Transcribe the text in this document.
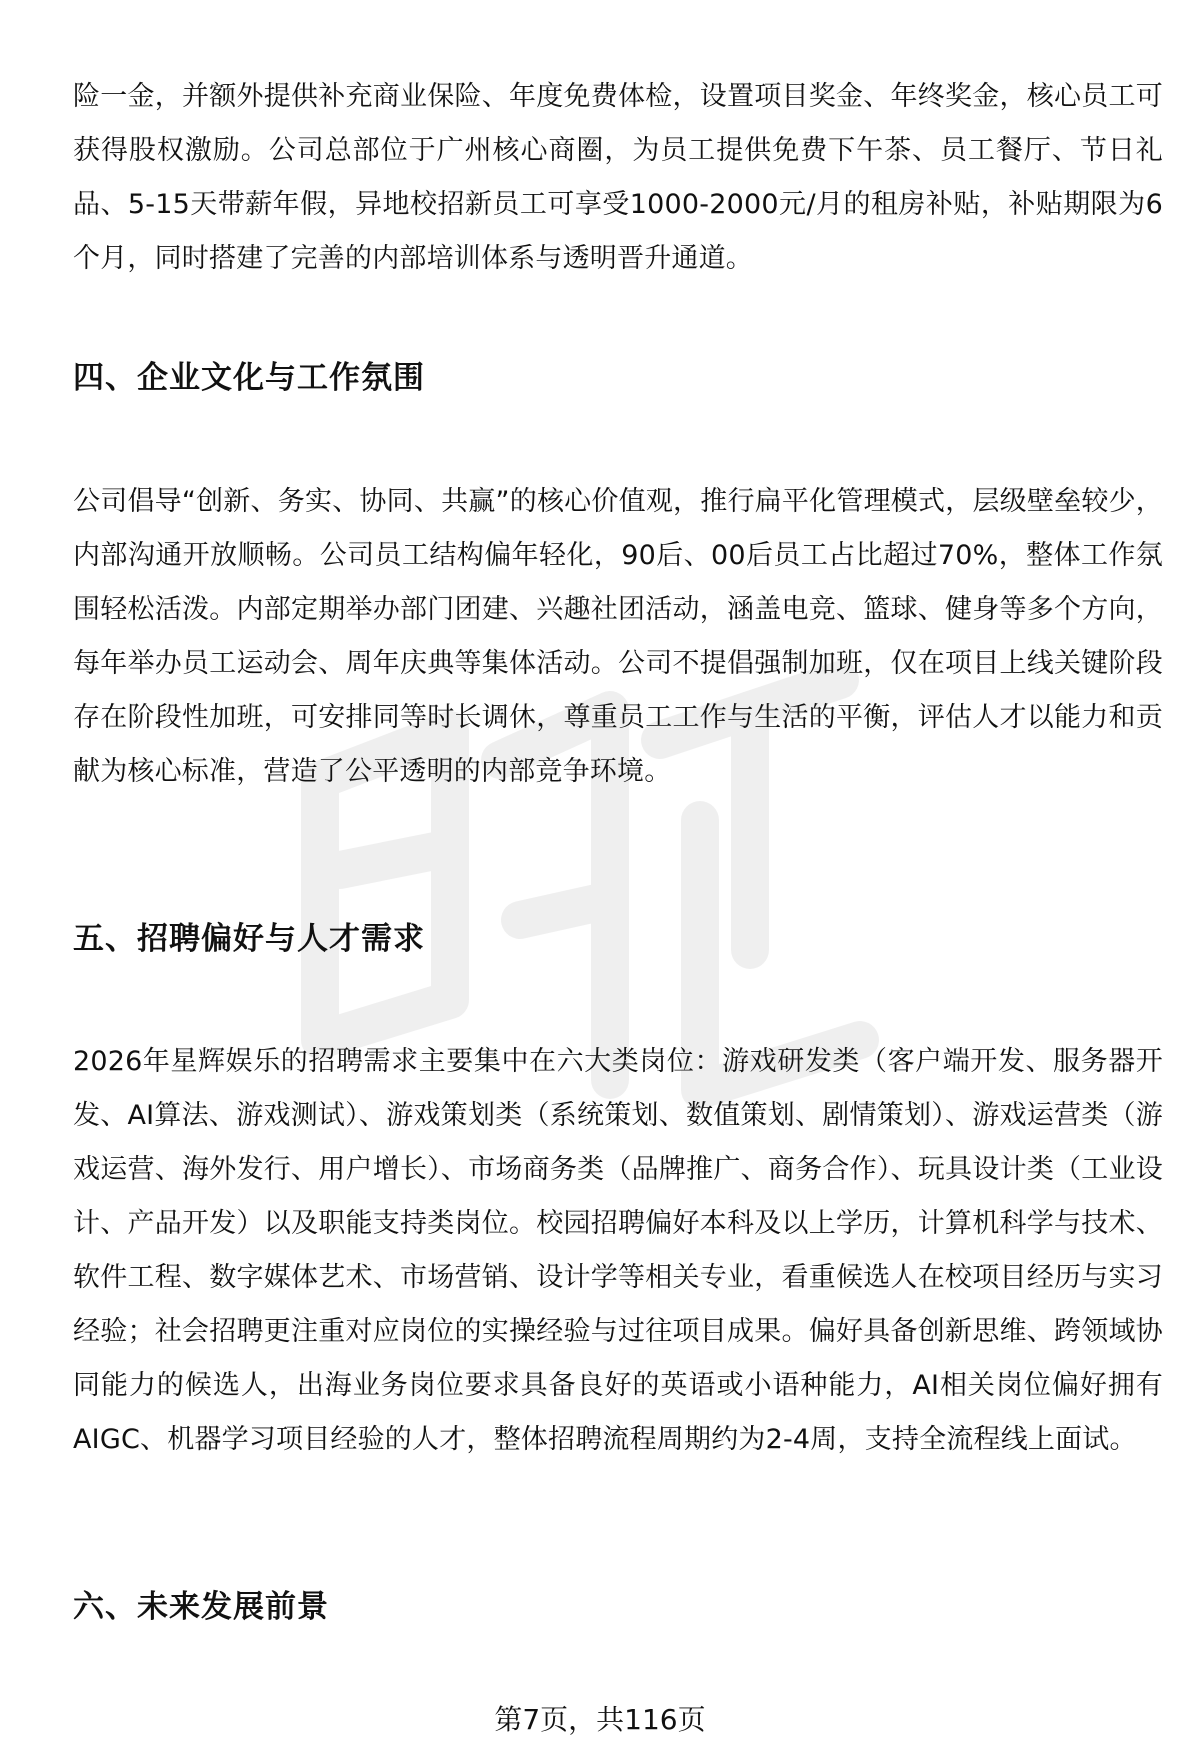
险一金，并额外提供补充商业保险、年度免费体检，设置项目奖金、年终奖金，核心员工可获得股权激励。公司总部位于广州核心商圈，为员工提供免费下午茶、员工餐厅、节日礼品、5-15天带薪年假，异地校招新员工可享受1000-2000元/月的租房补贴，补贴期限为6个月，同时搭建了完善的内部培训体系与透明晋升通道。

四、企业文化与工作氛围

公司倡导“创新、务实、协同、共赢”的核心价值观，推行扁平化管理模式，层级壁垒较少，内部沟通开放顺畅。公司员工结构偏年轻化，90后、00后员工占比超过70%，整体工作氛围轻松活泼。内部定期举办部门团建、兴趣社团活动，涵盖电竞、篮球、健身等多个方向，每年举办员工运动会、周年庆典等集体活动。公司不提倡强制加班，仅在项目上线关键阶段存在阶段性加班，可安排同等时长调休，尊重员工工作与生活的平衡，评估人才以能力和贡献为核心标准，营造了公平透明的内部竞争环境。

五、招聘偏好与人才需求

2026年星辉娱乐的招聘需求主要集中在六大类岗位：游戏研发类（客户端开发、服务器开发、AI算法、游戏测试）、游戏策划类（系统策划、数值策划、剧情策划）、游戏运营类（游戏运营、海外发行、用户增长）、市场商务类（品牌推广、商务合作）、玩具设计类（工业设计、产品开发）以及职能支持类岗位。校园招聘偏好本科及以上学历，计算机科学与技术、软件工程、数字媒体艺术、市场营销、设计学等相关专业，看重候选人在校项目经历与实习经验；社会招聘更注重对应岗位的实操经验与过往项目成果。偏好具备创新思维、跨领域协同能力的候选人，出海业务岗位要求具备良好的英语或小语种能力，AI相关岗位偏好拥有AIGC、机器学习项目经验的人才，整体招聘流程周期约为2-4周，支持全流程线上面试。

六、未来发展前景
第7页，共116页
